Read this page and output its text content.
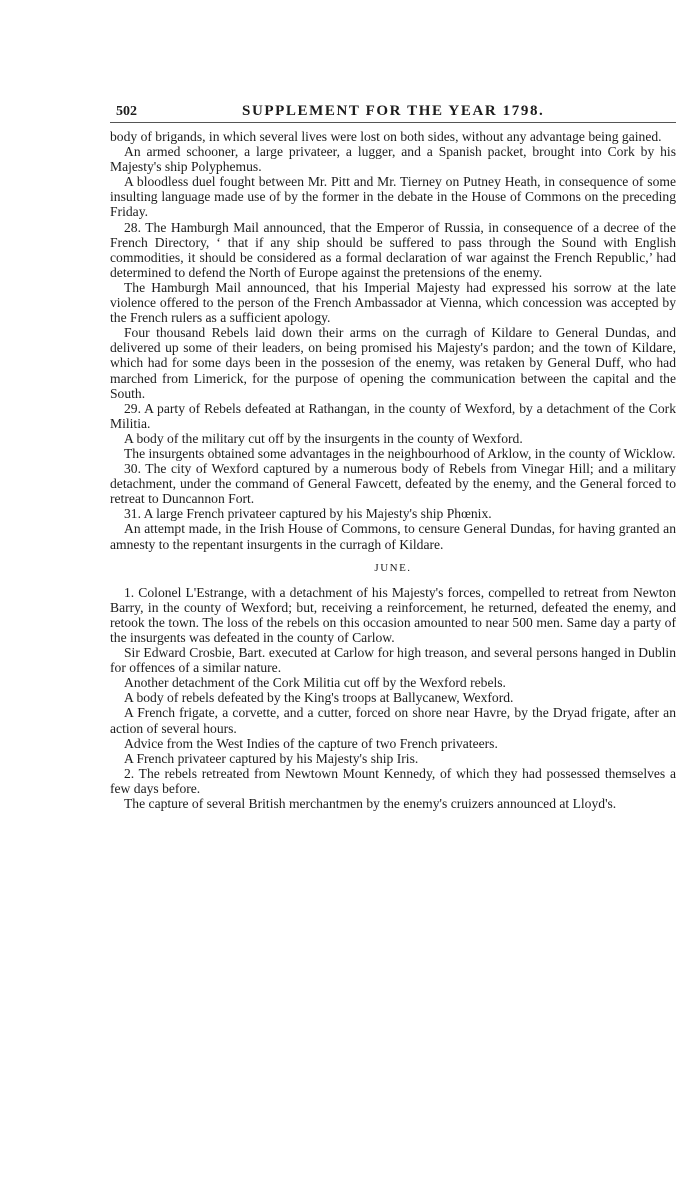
502	SUPPLEMENT FOR THE YEAR 1798.

body of brigands, in which several lives were lost on both sides, without any advantage being gained.

An armed schooner, a large privateer, a lugger, and a Spanish packet, brought into Cork by his Majesty's ship Polyphemus.

A bloodless duel fought between Mr. Pitt and Mr. Tierney on Putney Heath, in consequence of some insulting language made use of by the former in the debate in the House of Commons on the preceding Friday.

28. The Hamburgh Mail announced, that the Emperor of Russia, in consequence of a decree of the French Directory, ‘ that if any ship should be suffered to pass through the Sound with English commodities, it should be considered as a formal declaration of war against the French Republic,’ had determined to defend the North of Europe against the pretensions of the enemy.

The Hamburgh Mail announced, that his Imperial Majesty had expressed his sorrow at the late violence offered to the person of the French Ambassador at Vienna, which concession was accepted by the French rulers as a sufficient apology.

Four thousand Rebels laid down their arms on the curragh of Kildare to General Dundas, and delivered up some of their leaders, on being promised his Majesty's pardon; and the town of Kildare, which had for some days been in the possesion of the enemy, was retaken by General Duff, who had marched from Limerick, for the purpose of opening the communication between the capital and the South.

29. A party of Rebels defeated at Rathangan, in the county of Wexford, by a detachment of the Cork Militia.

A body of the military cut off by the insurgents in the county of Wexford.

The insurgents obtained some advantages in the neighbourhood of Arklow, in the county of Wicklow.

30. The city of Wexford captured by a numerous body of Rebels from Vinegar Hill; and a military detachment, under the command of General Fawcett, defeated by the enemy, and the General forced to retreat to Duncannon Fort.

31. A large French privateer captured by his Majesty's ship Phœnix.

An attempt made, in the Irish House of Commons, to censure General Dundas, for having granted an amnesty to the repentant insurgents in the curragh of Kildare.

JUNE.

1. Colonel L'Estrange, with a detachment of his Majesty's forces, compelled to retreat from Newton Barry, in the county of Wexford; but, receiving a reinforcement, he returned, defeated the enemy, and retook the town. The loss of the rebels on this occasion amounted to near 500 men. Same day a party of the insurgents was defeated in the county of Carlow.

Sir Edward Crosbie, Bart. executed at Carlow for high treason, and several persons hanged in Dublin for offences of a similar nature.

Another detachment of the Cork Militia cut off by the Wexford rebels.

A body of rebels defeated by the King's troops at Ballycanew, Wexford.

A French frigate, a corvette, and a cutter, forced on shore near Havre, by the Dryad frigate, after an action of several hours.

Advice from the West Indies of the capture of two French privateers.

A French privateer captured by his Majesty's ship Iris.

2. The rebels retreated from Newtown Mount Kennedy, of which they had possessed themselves a few days before.

The capture of several British merchantmen by the enemy's cruizers announced at Lloyd's.
